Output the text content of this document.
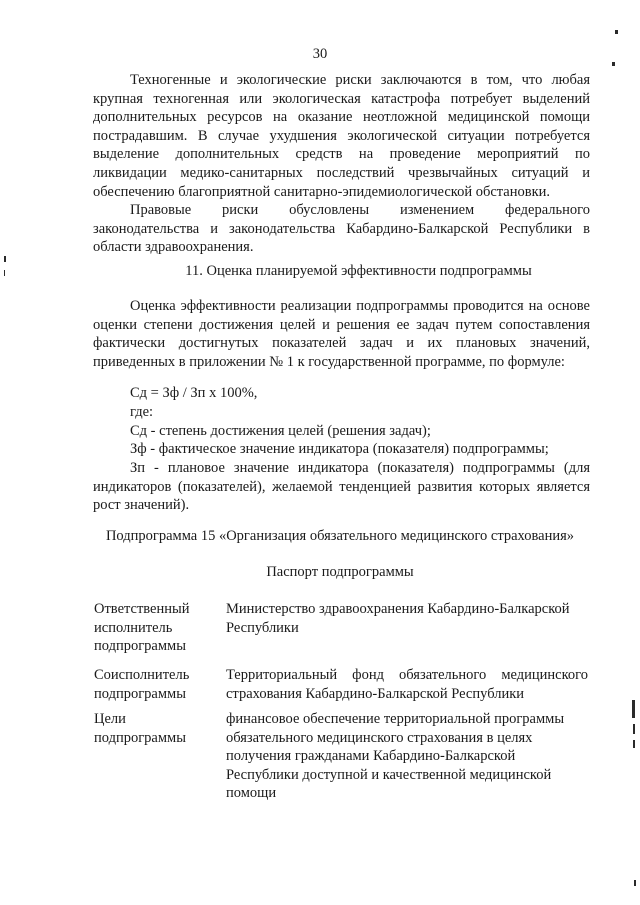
30

Техногенные и экологические риски заключаются в том, что любая крупная техногенная или экологическая катастрофа потребует выделений дополнительных ресурсов на оказание неотложной медицинской помощи пострадавшим. В случае ухудшения экологической ситуации потребуется выделение дополнительных средств на проведение мероприятий по ликвидации медико-санитарных последствий чрезвычайных ситуаций и обеспечению благоприятной санитарно-эпидемиологической обстановки.

Правовые риски обусловлены изменением федерального законодательства и законодательства Кабардино-Балкарской Республики в области здравоохранения.

11. Оценка планируемой эффективности подпрограммы

Оценка эффективности реализации подпрограммы проводится на основе оценки степени достижения целей и решения ее задач путем сопоставления фактически достигнутых показателей задач и их плановых значений, приведенных в приложении № 1 к государственной программе, по формуле:

Сд = Зф / Зп х 100%,
где:
Сд - степень достижения целей (решения задач);
Зф - фактическое значение индикатора (показателя) подпрограммы;

Зп - плановое значение индикатора (показателя) подпрограммы (для индикаторов (показателей), желаемой тенденцией развития которых является рост значений).

Подпрограмма 15 «Организация обязательного медицинского страхования»
Паспорт подпрограммы
Ответственный исполнитель подпрограммы
Министерство здравоохранения Кабардино-Балкарской Республики
Соисполнитель подпрограммы
Территориальный фонд обязательного медицинского страхования Кабардино-Балкарской Республики
Цели подпрограммы
финансовое обеспечение территориальной программы обязательного медицинского страхования в целях получения гражданами Кабардино-Балкарской Республики доступной и качественной медицинской помощи
